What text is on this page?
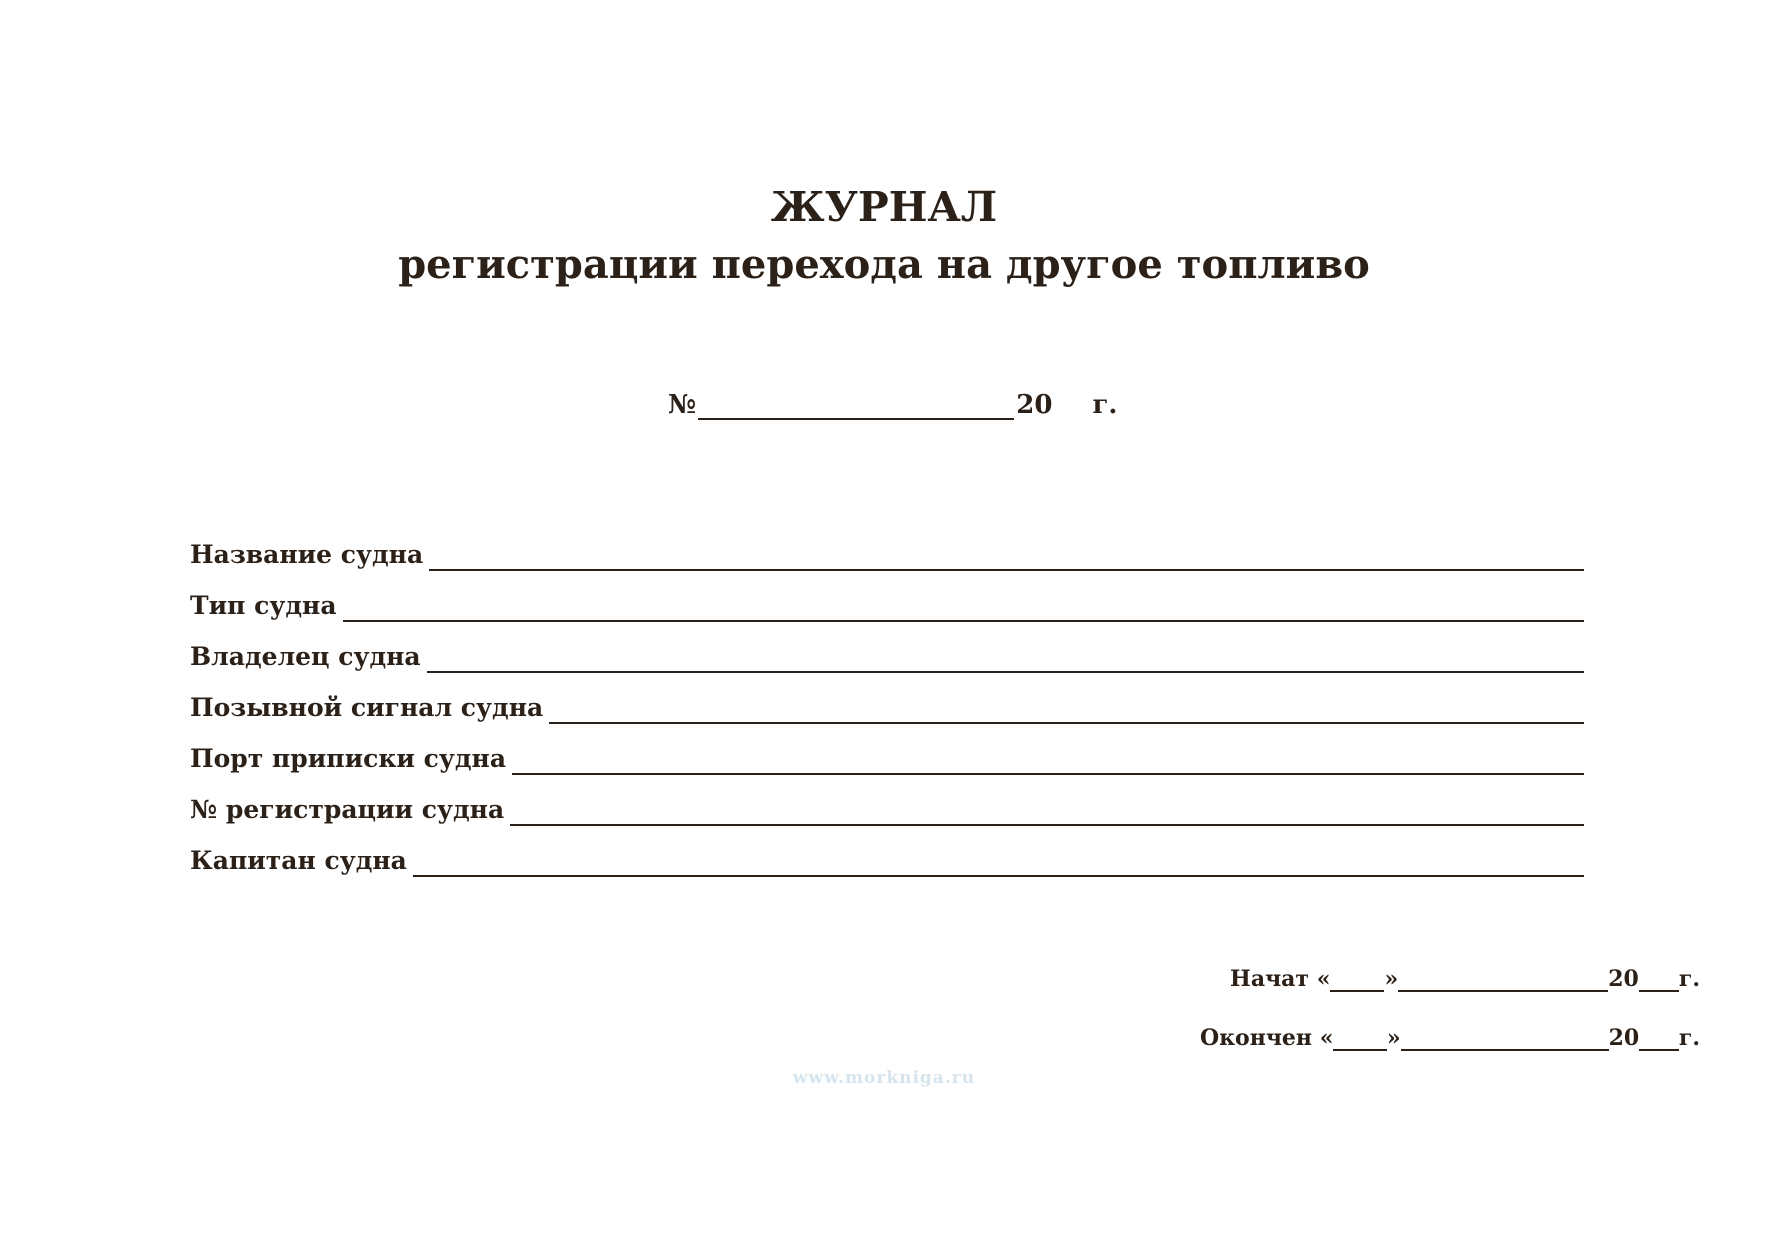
ЖУРНАЛ
регистрации перехода на другое топливо
№	20 г.
Название судна
Тип судна
Владелец судна
Позывной сигнал судна
Порт приписки судна
№ регистрации судна
Капитан судна
Начат
« »	20 г.
Окончен
« »	20 г.
www.morkniga.ru
